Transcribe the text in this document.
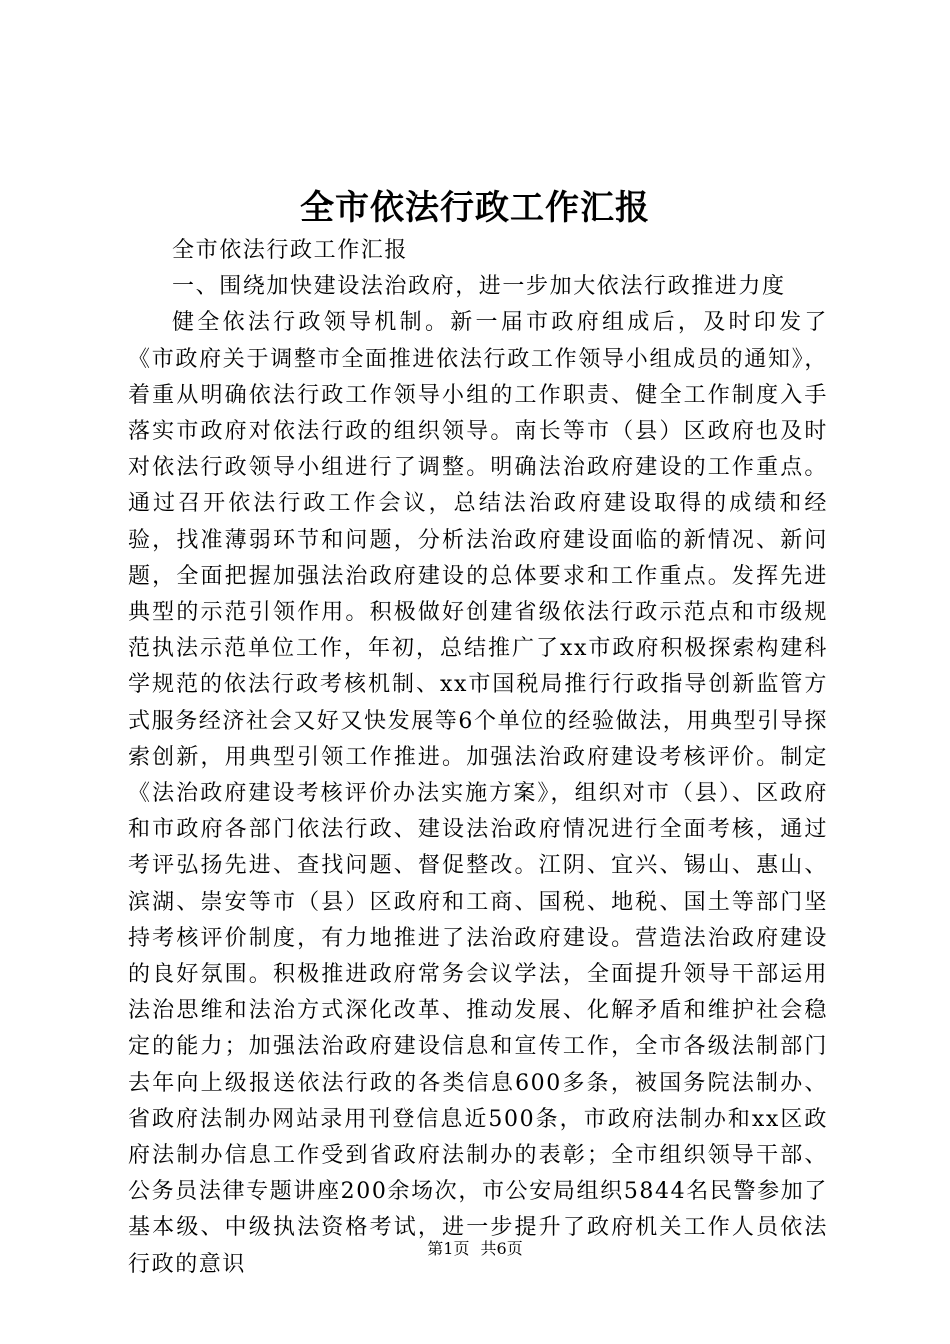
全市依法行政工作汇报

全市依法行政工作汇报

一、围绕加快建设法治政府，进一步加大依法行政推进力度

健全依法行政领导机制。新一届市政府组成后，及时印发了《市政府关于调整市全面推进依法行政工作领导小组成员的通知》，着重从明确依法行政工作领导小组的工作职责、健全工作制度入手落实市政府对依法行政的组织领导。南长等市（县）区政府也及时对依法行政领导小组进行了调整。明确法治政府建设的工作重点。通过召开依法行政工作会议，总结法治政府建设取得的成绩和经验，找准薄弱环节和问题，分析法治政府建设面临的新情况、新问题，全面把握加强法治政府建设的总体要求和工作重点。发挥先进典型的示范引领作用。积极做好创建省级依法行政示范点和市级规范执法示范单位工作，年初，总结推广了xx市政府积极探索构建科学规范的依法行政考核机制、xx市国税局推行行政指导创新监管方式服务经济社会又好又快发展等6个单位的经验做法，用典型引导探索创新，用典型引领工作推进。加强法治政府建设考核评价。制定《法治政府建设考核评价办法实施方案》，组织对市（县）、区政府和市政府各部门依法行政、建设法治政府情况进行全面考核，通过考评弘扬先进、查找问题、督促整改。江阴、宜兴、锡山、惠山、滨湖、崇安等市（县）区政府和工商、国税、地税、国土等部门坚持考核评价制度，有力地推进了法治政府建设。营造法治政府建设的良好氛围。积极推进政府常务会议学法，全面提升领导干部运用法治思维和法治方式深化改革、推动发展、化解矛盾和维护社会稳定的能力；加强法治政府建设信息和宣传工作，全市各级法制部门去年向上级报送依法行政的各类信息600多条，被国务院法制办、省政府法制办网站录用刊登信息近500条，市政府法制办和xx区政府法制办信息工作受到省政府法制办的表彰；全市组织领导干部、公务员法律专题讲座200余场次，市公安局组织5844名民警参加了基本级、中级执法资格考试，进一步提升了政府机关工作人员依法行政的意识

第1页 共6页
